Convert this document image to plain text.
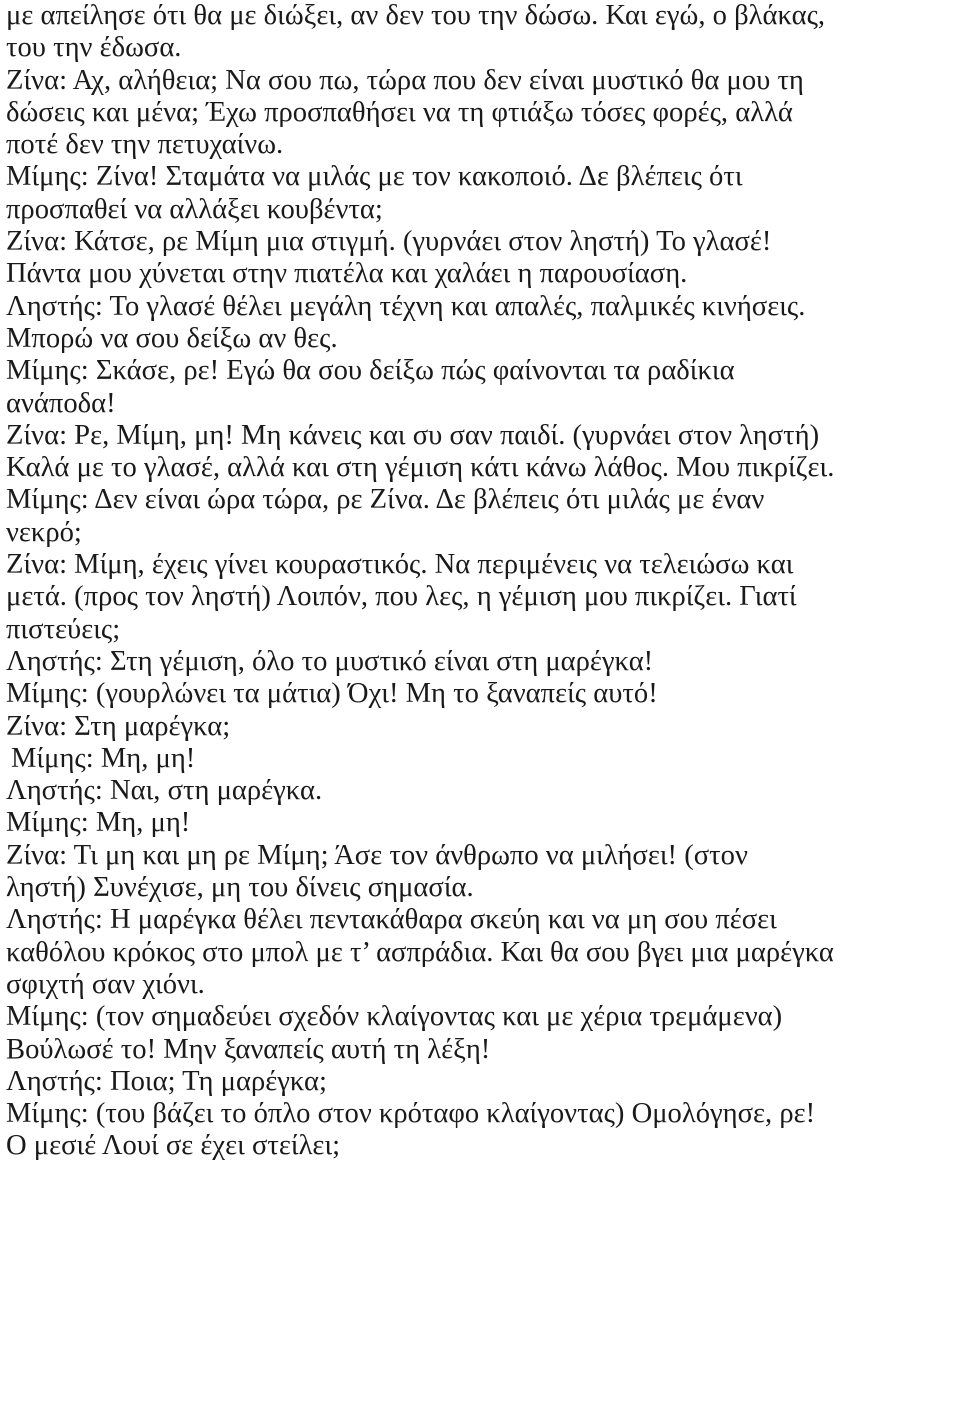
με απείλησε ότι θα με διώξει, αν δεν του την δώσω. Και εγώ, ο βλάκας,
του την έδωσα.
Ζίνα: Αχ, αλήθεια; Να σου πω, τώρα που δεν είναι μυστικό θα μου τη
δώσεις και μένα; Έχω προσπαθήσει να τη φτιάξω τόσες φορές, αλλά
ποτέ δεν την πετυχαίνω.
Μίμης: Ζίνα! Σταμάτα να μιλάς με τον κακοποιό. Δε βλέπεις ότι
προσπαθεί να αλλάξει κουβέντα;
Ζίνα: Κάτσε, ρε Μίμη μια στιγμή. (γυρνάει στον ληστή) Το γλασέ!
Πάντα μου χύνεται στην πιατέλα και χαλάει η παρουσίαση.
Ληστής: Το γλασέ θέλει μεγάλη τέχνη και απαλές, παλμικές κινήσεις.
Μπορώ να σου δείξω αν θες.
Μίμης: Σκάσε, ρε! Εγώ θα σου δείξω πώς φαίνονται τα ραδίκια
ανάποδα!
Ζίνα: Ρε, Μίμη, μη! Μη κάνεις και συ σαν παιδί. (γυρνάει στον ληστή)
Καλά με το γλασέ, αλλά και στη γέμιση κάτι κάνω λάθος. Μου πικρίζει.
Μίμης: Δεν είναι ώρα τώρα, ρε Ζίνα. Δε βλέπεις ότι μιλάς με έναν
νεκρό;
Ζίνα: Μίμη, έχεις γίνει κουραστικός. Να περιμένεις να τελειώσω και
μετά. (προς τον ληστή) Λοιπόν, που λες, η γέμιση μου πικρίζει. Γιατί
πιστεύεις;
Ληστής: Στη γέμιση, όλο το μυστικό είναι στη μαρέγκα!
Μίμης: (γουρλώνει τα μάτια) Όχι! Μη το ξαναπείς αυτό!
Ζίνα: Στη μαρέγκα;
Μίμης: Μη, μη!
Ληστής: Ναι, στη μαρέγκα.
Μίμης: Μη, μη!
Ζίνα: Τι μη και μη ρε Μίμη; Άσε τον άνθρωπο να μιλήσει! (στον
ληστή) Συνέχισε, μη του δίνεις σημασία.
Ληστής: Η μαρέγκα θέλει πεντακάθαρα σκεύη και να μη σου πέσει
καθόλου κρόκος στο μπολ με τ’ ασπράδια. Και θα σου βγει μια μαρέγκα
σφιχτή σαν χιόνι.
Μίμης: (τον σημαδεύει σχεδόν κλαίγοντας και με χέρια τρεμάμενα)
Βούλωσέ το! Μην ξαναπείς αυτή τη λέξη!
Ληστής: Ποια; Τη μαρέγκα;
Μίμης: (του βάζει το όπλο στον κρόταφο κλαίγοντας) Ομολόγησε, ρε!
Ο μεσιέ Λουί σε έχει στείλει;
